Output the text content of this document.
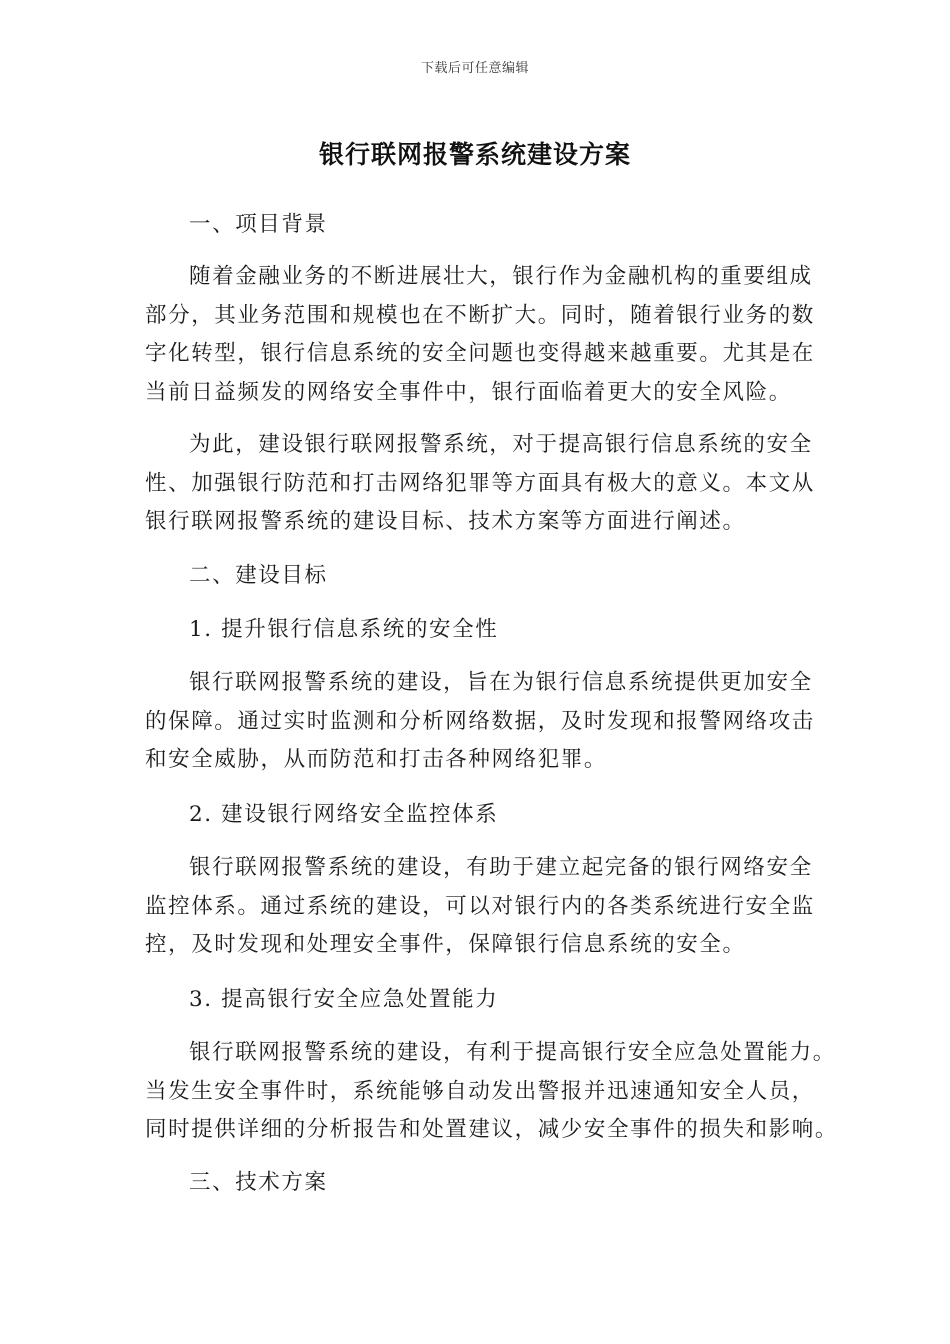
下载后可任意编辑
银行联网报警系统建设方案
一、项目背景
随着金融业务的不断进展壮大，银行作为金融机构的重要组成
部分，其业务范围和规模也在不断扩大。同时，随着银行业务的数
字化转型，银行信息系统的安全问题也变得越来越重要。尤其是在
当前日益频发的网络安全事件中，银行面临着更大的安全风险。
为此，建设银行联网报警系统，对于提高银行信息系统的安全
性、加强银行防范和打击网络犯罪等方面具有极大的意义。本文从
银行联网报警系统的建设目标、技术方案等方面进行阐述。
二、建设目标
1. 提升银行信息系统的安全性
银行联网报警系统的建设，旨在为银行信息系统提供更加安全
的保障。通过实时监测和分析网络数据，及时发现和报警网络攻击
和安全威胁，从而防范和打击各种网络犯罪。
2. 建设银行网络安全监控体系
银行联网报警系统的建设，有助于建立起完备的银行网络安全
监控体系。通过系统的建设，可以对银行内的各类系统进行安全监
控，及时发现和处理安全事件，保障银行信息系统的安全。
3. 提高银行安全应急处置能力
银行联网报警系统的建设，有利于提高银行安全应急处置能力。
当发生安全事件时，系统能够自动发出警报并迅速通知安全人员，
同时提供详细的分析报告和处置建议，减少安全事件的损失和影响。
三、技术方案
